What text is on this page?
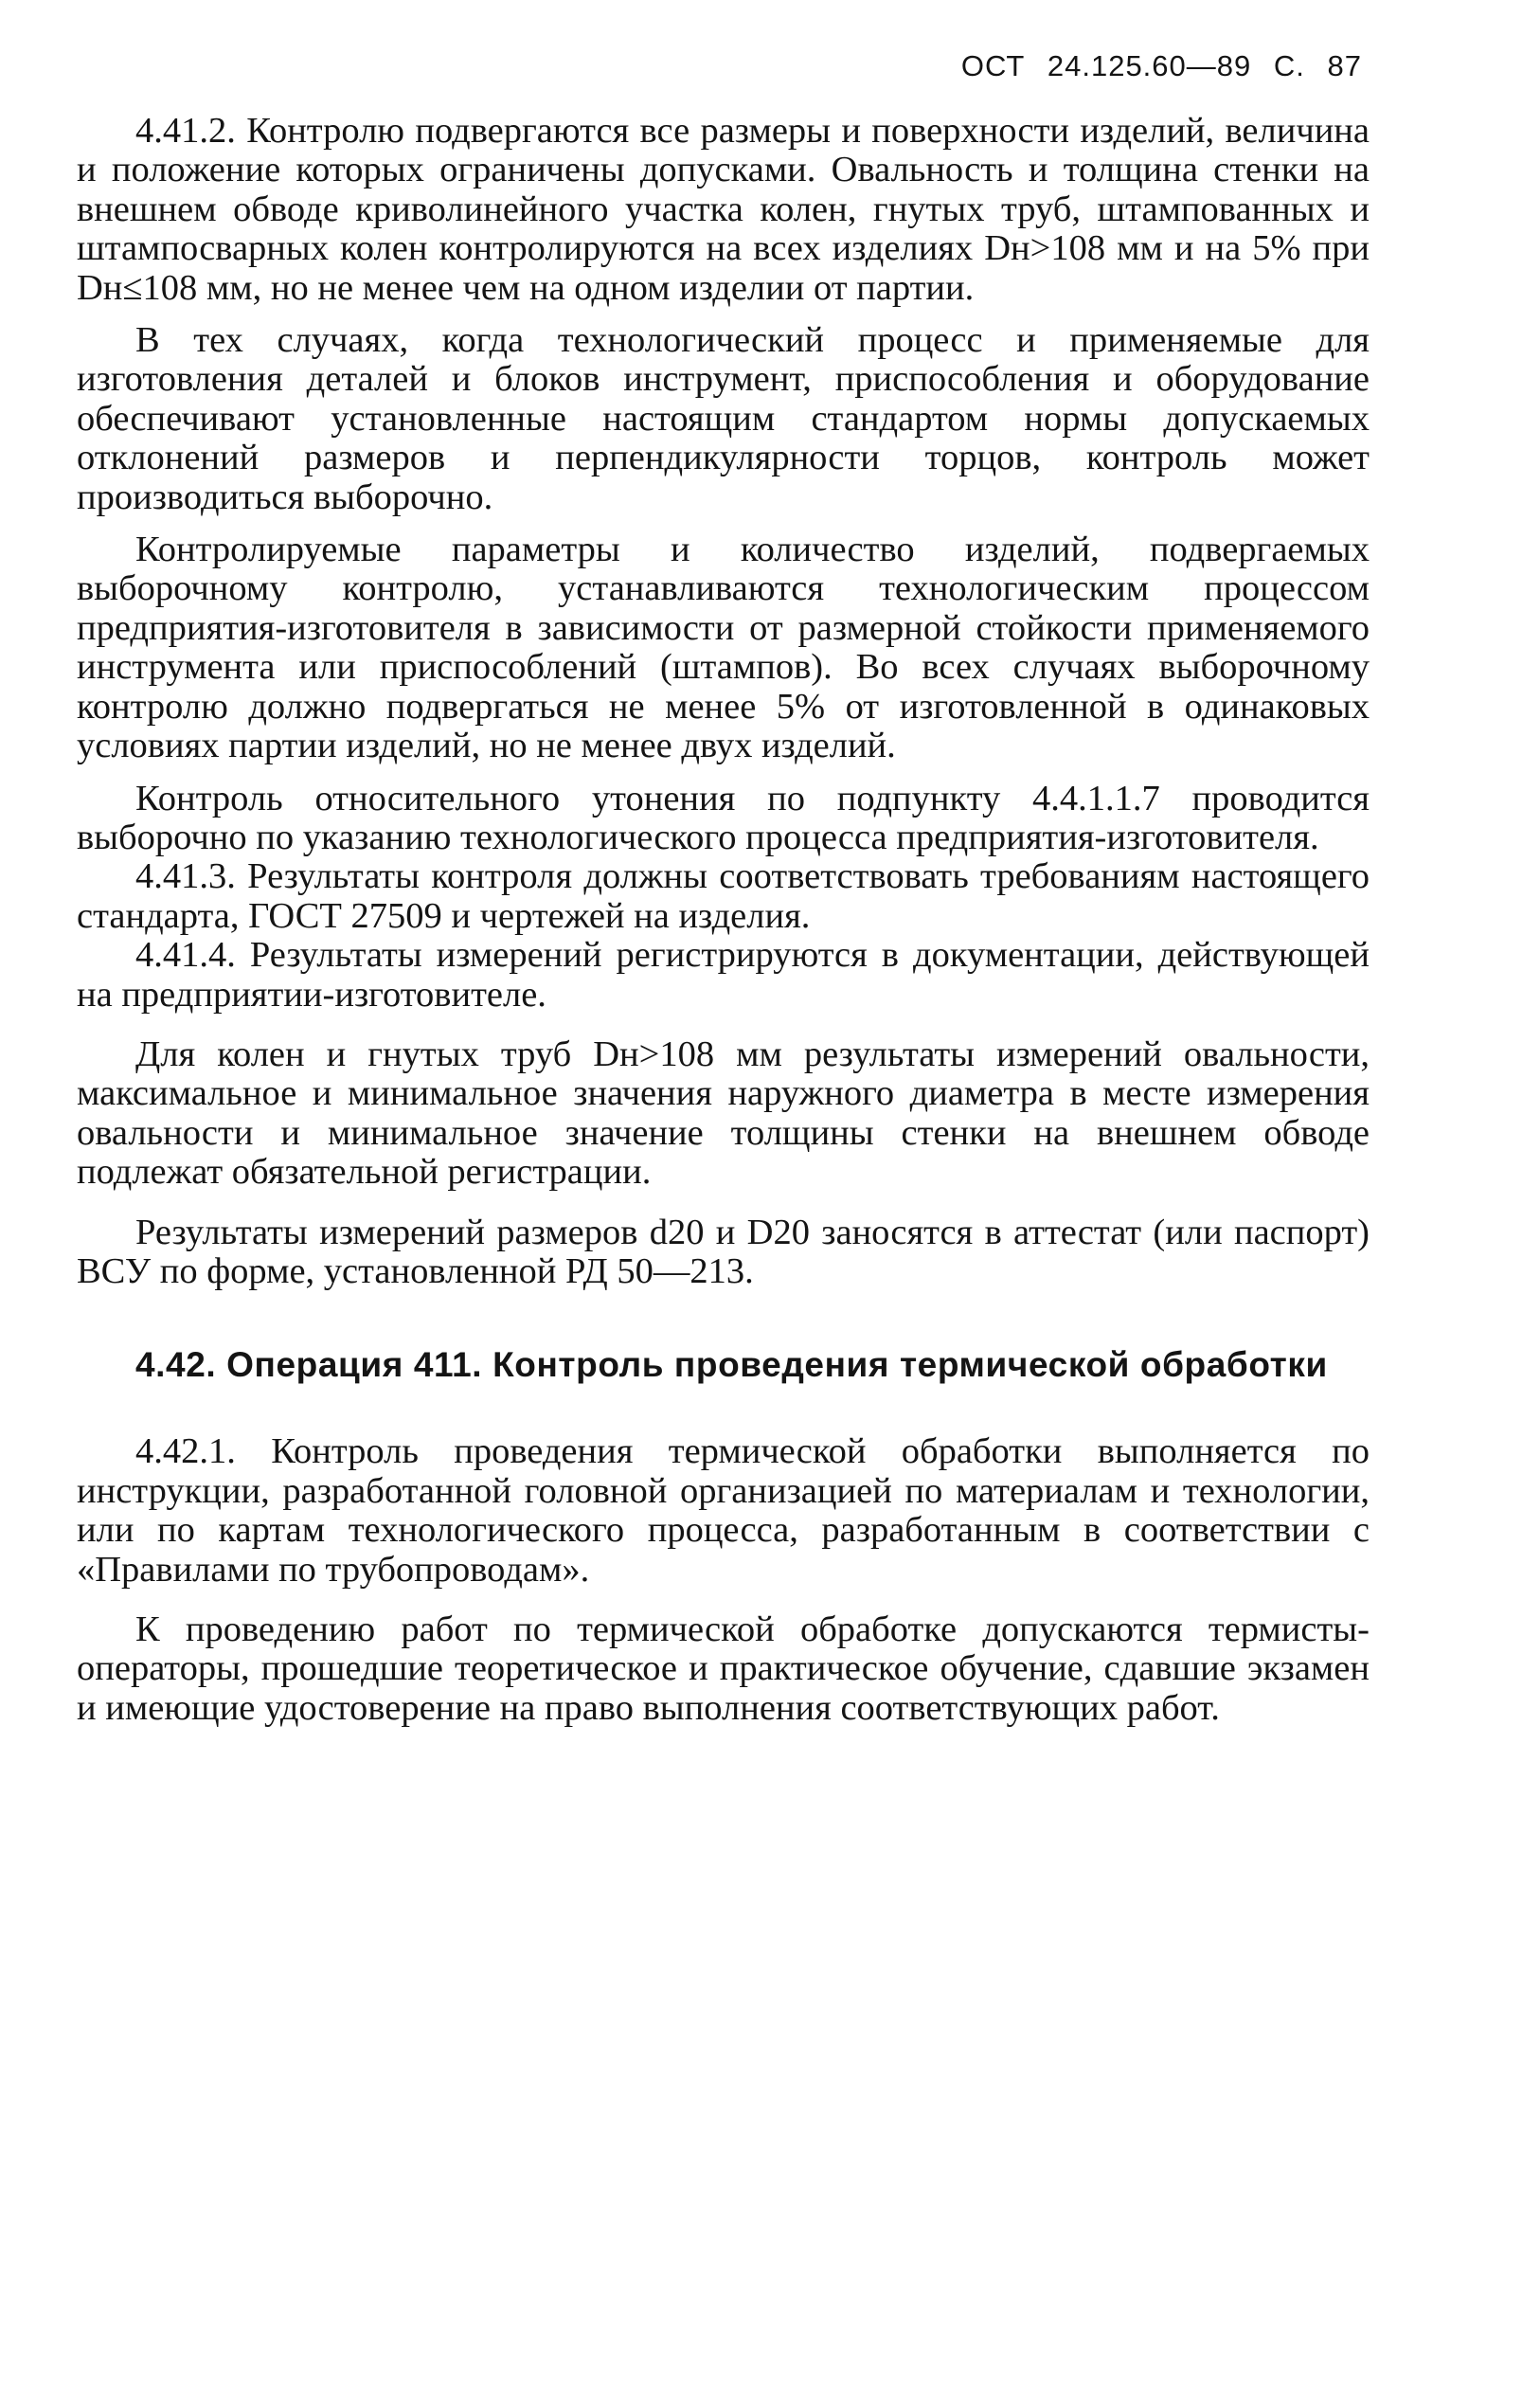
ОСТ 24.125.60—89 С. 87

4.41.2. Контролю подвергаются все размеры и поверхности изделий, величина и положение которых ограничены допусками. Овальность и толщина стенки на внешнем обводе криволинейного участка колен, гнутых труб, штампованных и штампосварных колен контролируются на всех изделиях Dн>108 мм и на 5% при Dн≤108 мм, но не менее чем на одном изделии от партии.

В тех случаях, когда технологический процесс и применяемые для изготовления деталей и блоков инструмент, приспособления и оборудование обеспечивают установленные настоящим стандартом нормы допускаемых отклонений размеров и перпендикулярности торцов, контроль может производиться выборочно.

Контролируемые параметры и количество изделий, подвергаемых выборочному контролю, устанавливаются технологическим процессом предприятия-изготовителя в зависимости от размерной стойкости применяемого инструмента или приспособлений (штампов). Во всех случаях выборочному контролю должно подвергаться не менее 5% от изготовленной в одинаковых условиях партии изделий, но не менее двух изделий.

Контроль относительного утонения по подпункту 4.4.1.1.7 проводится выборочно по указанию технологического процесса предприятия-изготовителя.

4.41.3. Результаты контроля должны соответствовать требованиям настоящего стандарта, ГОСТ 27509 и чертежей на изделия.

4.41.4. Результаты измерений регистрируются в документации, действующей на предприятии-изготовителе.

Для колен и гнутых труб Dн>108 мм результаты измерений овальности, максимальное и минимальное значения наружного диаметра в месте измерения овальности и минимальное значение толщины стенки на внешнем обводе подлежат обязательной регистрации.

Результаты измерений размеров d20 и D20 заносятся в аттестат (или паспорт) ВСУ по форме, установленной РД 50—213.

4.42. Операция 411. Контроль проведения термической обработки

4.42.1. Контроль проведения термической обработки выполняется по инструкции, разработанной головной организацией по материалам и технологии, или по картам технологического процесса, разработанным в соответствии с «Правилами по трубопроводам».

К проведению работ по термической обработке допускаются термисты-операторы, прошедшие теоретическое и практическое обучение, сдавшие экзамен и имеющие удостоверение на право выполнения соответствующих работ.
